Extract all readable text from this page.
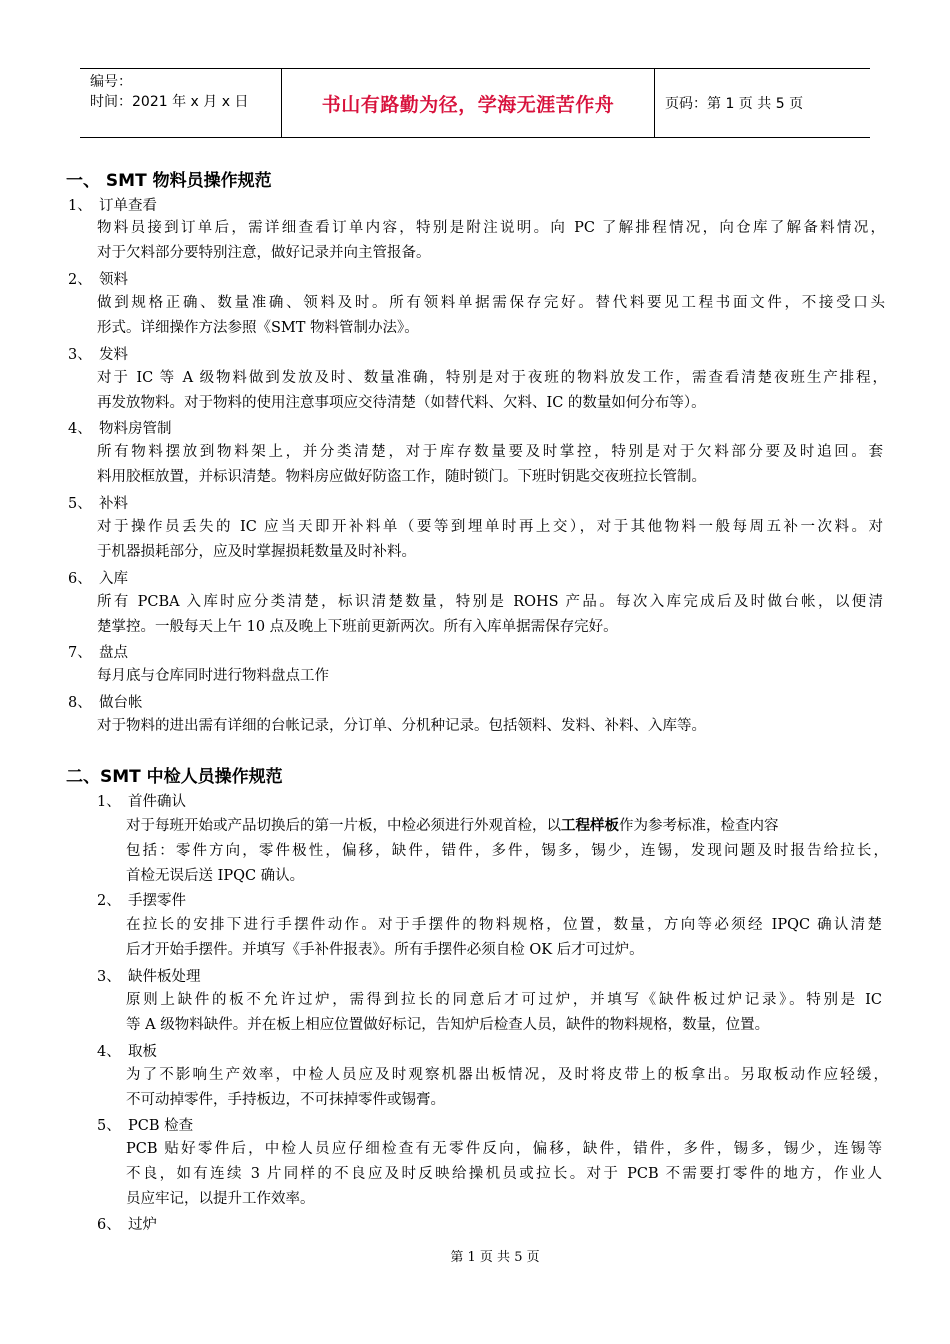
编号：
时间：2021 年 x 月 x 日	书山有路勤为径，学海无涯苦作舟	页码：第 1 页 共 5 页
一、 SMT 物料员操作规范
1、 订单查看
物料员接到订单后，需详细查看订单内容，特别是附注说明。向 PC 了解排程情况，向仓库了解备料情况，
对于欠料部分要特别注意，做好记录并向主管报备。
2、 领料
做到规格正确、数量准确、领料及时。所有领料单据需保存完好。替代料要见工程书面文件，不接受口头
形式。详细操作方法参照《SMT 物料管制办法》。
3、 发料
对于 IC 等 A 级物料做到发放及时、数量准确，特别是对于夜班的物料放发工作，需查看清楚夜班生产排程，
再发放物料。对于物料的使用注意事项应交待清楚（如替代料、欠料、IC 的数量如何分布等）。
4、 物料房管制
所有物料摆放到物料架上，并分类清楚，对于库存数量要及时掌控，特别是对于欠料部分要及时追回。套
料用胶框放置，并标识清楚。物料房应做好防盗工作，随时锁门。下班时钥匙交夜班拉长管制。
5、 补料
对于操作员丢失的 IC 应当天即开补料单（要等到埋单时再上交），对于其他物料一般每周五补一次料。对
于机器损耗部分，应及时掌握损耗数量及时补料。
6、 入库
所有 PCBA 入库时应分类清楚，标识清楚数量，特别是 ROHS 产品。每次入库完成后及时做台帐，以便清
楚掌控。一般每天上午 10 点及晚上下班前更新两次。所有入库单据需保存完好。
7、 盘点
每月底与仓库同时进行物料盘点工作
8、 做台帐
对于物料的进出需有详细的台帐记录，分订单、分机种记录。包括领料、发料、补料、入库等。
二、SMT 中检人员操作规范
1、 首件确认
对于每班开始或产品切换后的第一片板，中检必须进行外观首检，以工程样板作为参考标准，检查内容
包括：零件方向，零件极性，偏移，缺件，错件，多件，锡多，锡少，连锡，发现问题及时报告给拉长，
首检无误后送 IPQC 确认。
2、 手摆零件
在拉长的安排下进行手摆件动作。对于手摆件的物料规格，位置，数量，方向等必须经 IPQC 确认清楚
后才开始手摆件。并填写《手补件报表》。所有手摆件必须自检 OK 后才可过炉。
3、 缺件板处理
原则上缺件的板不允许过炉，需得到拉长的同意后才可过炉，并填写《缺件板过炉记录》。特别是 IC
等 A 级物料缺件。并在板上相应位置做好标记，告知炉后检查人员，缺件的物料规格，数量，位置。
4、 取板
为了不影响生产效率，中检人员应及时观察机器出板情况，及时将皮带上的板拿出。另取板动作应轻缓，
不可动掉零件，手持板边，不可抹掉零件或锡膏。
5、 PCB 检查
PCB 贴好零件后，中检人员应仔细检查有无零件反向，偏移，缺件，错件，多件，锡多，锡少，连锡等
不良，如有连续 3 片同样的不良应及时反映给操机员或拉长。对于 PCB 不需要打零件的地方，作业人
员应牢记，以提升工作效率。
6、 过炉
第 1 页 共 5 页
